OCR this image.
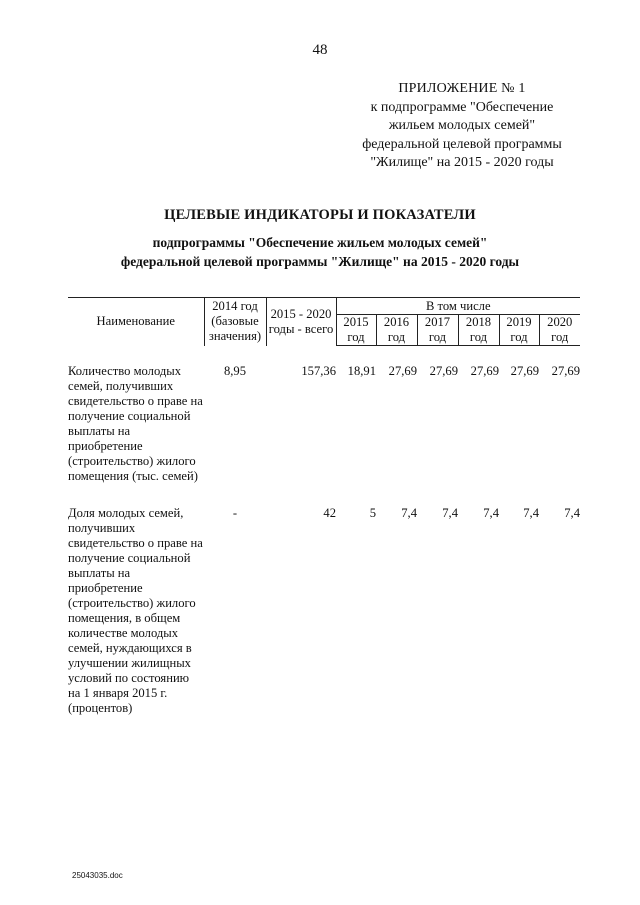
48
ПРИЛОЖЕНИЕ № 1
к подпрограмме "Обеспечение
жильем молодых семей"
федеральной целевой программы
"Жилище" на 2015 - 2020 годы
ЦЕЛЕВЫЕ ИНДИКАТОРЫ И ПОКАЗАТЕЛИ
подпрограммы "Обеспечение жильем молодых семей"
федеральной целевой программы "Жилище" на 2015 - 2020 годы
Наименование	2014 год (базовые значения)	2015 - 2020 годы - всего	В том числе					
			2015 год	2016 год	2017 год	2018 год	2019 год	2020 год

Количество молодых семей, получивших свидетельство о праве на получение социальной выплаты на приобретение (строительство) жилого помещения (тыс. семей)	8,95	157,36	18,91	27,69	27,69	27,69	27,69	27,69

Доля молодых семей, получивших свидетельство о праве на получение социальной выплаты на приобретение (строительство) жилого помещения, в общем количестве молодых семей, нуждающихся в улучшении жилищных условий по состоянию на 1 января 2015 г. (процентов)	-	42	5	7,4	7,4	7,4	7,4	7,4
25043035.doc
